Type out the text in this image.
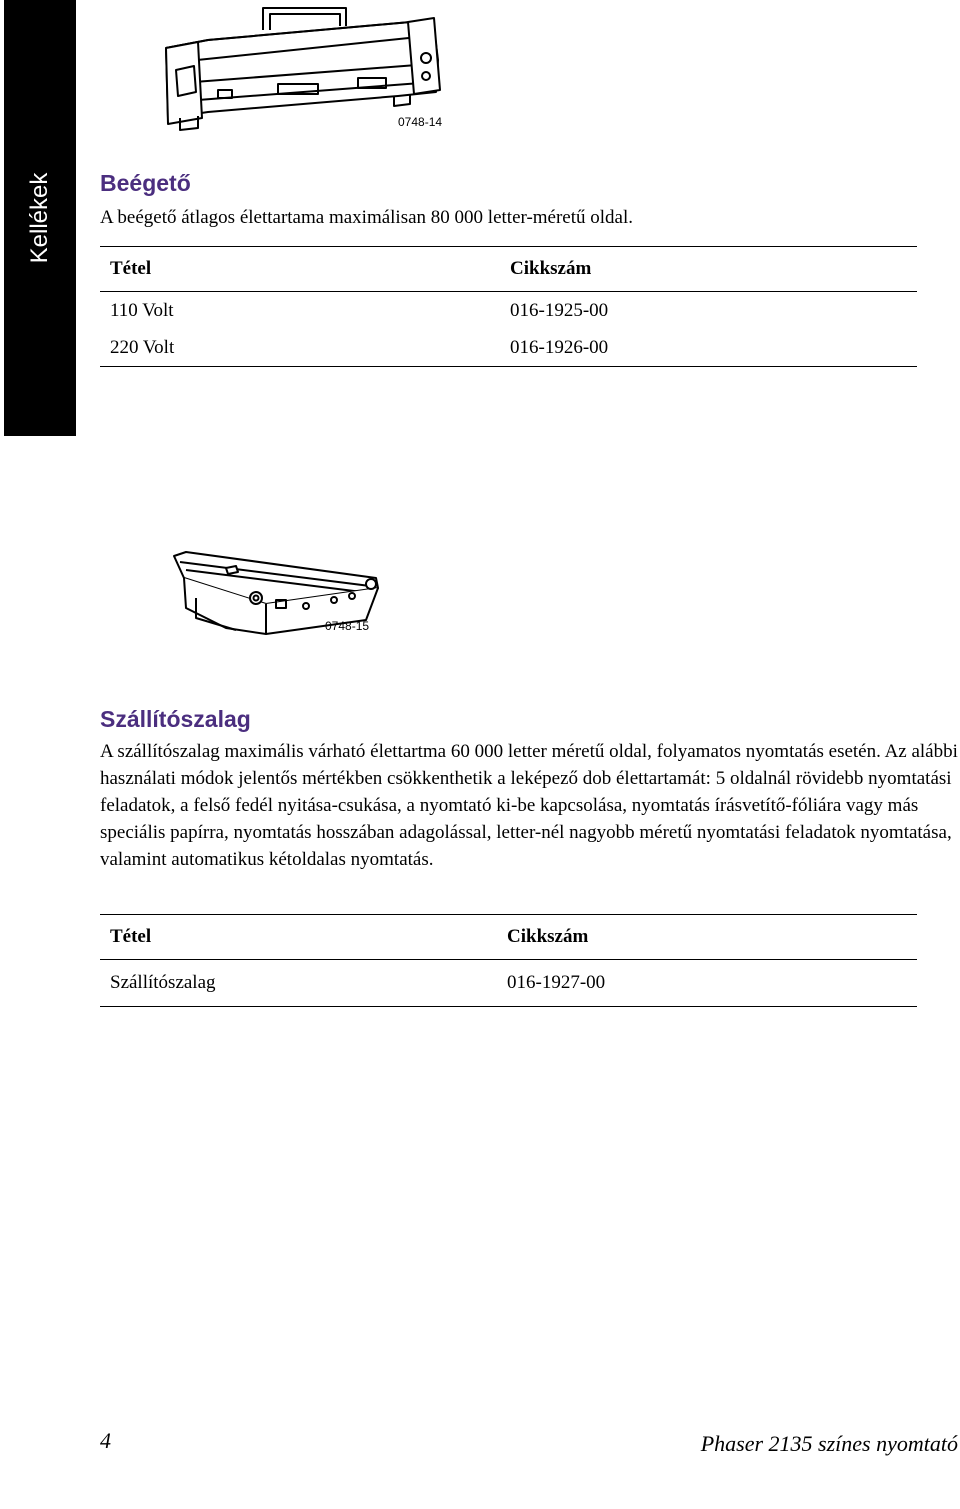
Kellékek
0748-14
Beégető

A beégető átlagos élettartama maximálisan 80 000 letter-méretű oldal.

Tétel	Cikkszám
110 Volt	016-1925-00
220 Volt	016-1926-00
0748-15
Szállítószalag

A szállítószalag maximális várható élettartma 60 000 letter méretű oldal, folyamatos nyomtatás esetén. Az alábbi használati módok jelentős mértékben csökkenthetik a leképező dob élettartamát: 5 oldalnál rövidebb nyomtatási feladatok, a felső fedél nyitása-csukása, a nyomtató ki-be kapcsolása, nyomtatás írásvetítő-fóliára vagy más speciális papírra, nyomtatás hosszában adagolással, letter-nél nagyobb méretű nyomtatási feladatok nyomtatása, valamint automatikus kétoldalas nyomtatás.

Tétel	Cikkszám
Szállítószalag	016-1927-00
4	Phaser 2135 színes nyomtató
